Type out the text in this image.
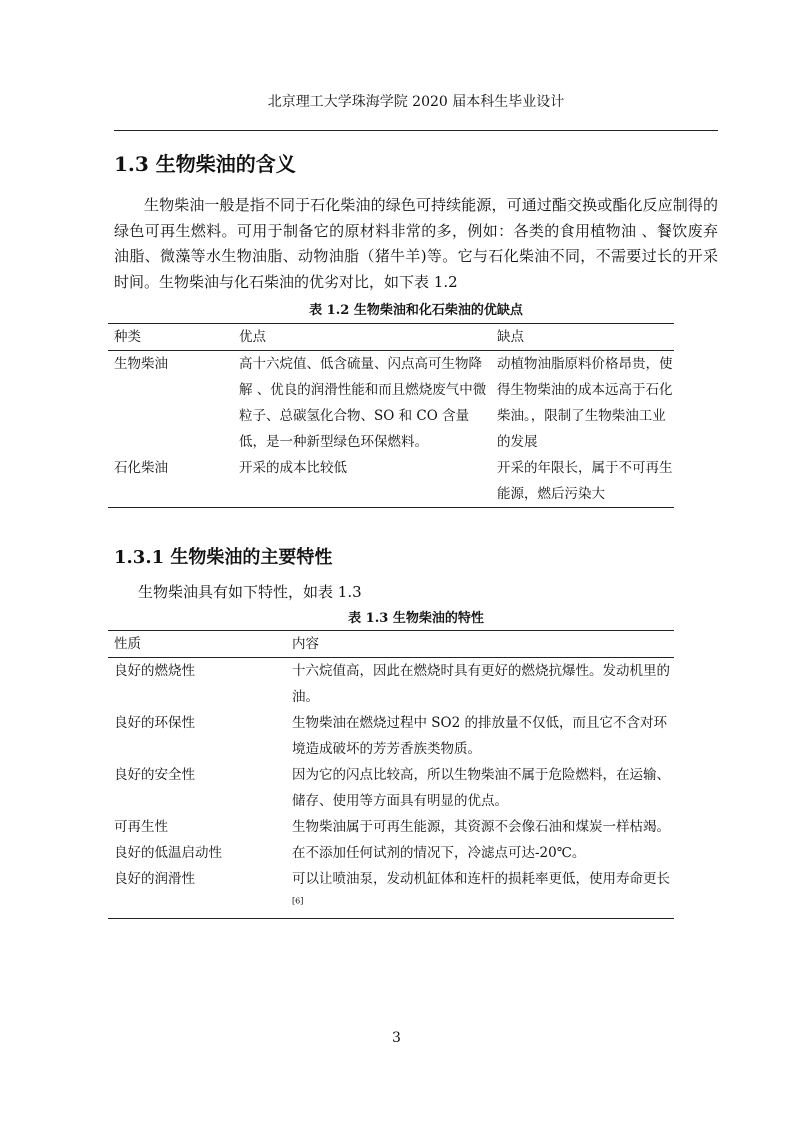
北京理工大学珠海学院 2020 届本科生毕业设计
1.3 生物柴油的含义
生物柴油一般是指不同于石化柴油的绿色可持续能源，可通过酯交换或酯化反应制得的绿色可再生燃料。可用于制备它的原材料非常的多，例如：各类的食用植物油 、餐饮废弃油脂、微藻等水生物油脂、动物油脂（猪牛羊)等。它与石化柴油不同，不需要过长的开采时间。生物柴油与化石柴油的优劣对比，如下表 1.2
表 1.2 生物柴油和化石柴油的优缺点
种类	优点	缺点
生物柴油	高十六烷值、低含硫量、闪点高可生物降解 、优良的润滑性能和而且燃烧废气中微粒子、总碳氢化合物、SO 和 CO 含量低，是一种新型绿色环保燃料。	动植物油脂原料价格昂贵，使得生物柴油的成本远高于石化柴油。，限制了生物柴油工业的发展
石化柴油	开采的成本比较低	开采的年限长，属于不可再生能源，燃后污染大
1.3.1 生物柴油的主要特性
生物柴油具有如下特性，如表 1.3
表 1.3 生物柴油的特性
性质	内容
良好的燃烧性	十六烷值高，因此在燃烧时具有更好的燃烧抗爆性。发动机里的油。
良好的环保性	生物柴油在燃烧过程中 SO2 的排放量不仅低，而且它不含对环境造成破坏的芳芳香族类物质。
良好的安全性	因为它的闪点比较高，所以生物柴油不属于危险燃料，在运输、储存、使用等方面具有明显的优点。
可再生性	生物柴油属于可再生能源，其资源不会像石油和煤炭一样枯竭。
良好的低温启动性	在不添加任何试剂的情况下，冷滤点可达-20℃。
良好的润滑性	可以让喷油泵，发动机缸体和连杆的损耗率更低，使用寿命更长[6]
3
